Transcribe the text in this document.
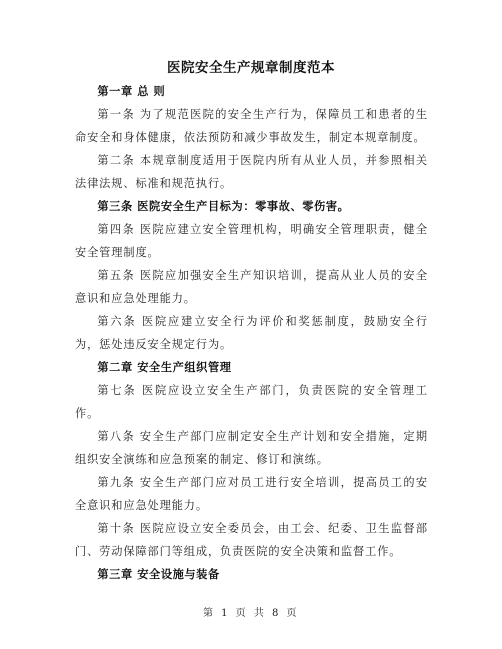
医院安全生产规章制度范本

第一章 总 则

第一条 为了规范医院的安全生产行为，保障员工和患者的生命安全和身体健康，依法预防和减少事故发生，制定本规章制度。

第二条 本规章制度适用于医院内所有从业人员，并参照相关法律法规、标准和规范执行。

第三条 医院安全生产目标为：零事故、零伤害。

第四条 医院应建立安全管理机构，明确安全管理职责，健全安全管理制度。

第五条 医院应加强安全生产知识培训，提高从业人员的安全意识和应急处理能力。

第六条 医院应建立安全行为评价和奖惩制度，鼓励安全行为，惩处违反安全规定行为。

第二章 安全生产组织管理

第七条 医院应设立安全生产部门，负责医院的安全管理工作。

第八条 安全生产部门应制定安全生产计划和安全措施，定期组织安全演练和应急预案的制定、修订和演练。

第九条 安全生产部门应对员工进行安全培训，提高员工的安全意识和应急处理能力。

第十条 医院应设立安全委员会，由工会、纪委、卫生监督部门、劳动保障部门等组成，负责医院的安全决策和监督工作。

第三章 安全设施与装备

第 1 页 共 8 页
